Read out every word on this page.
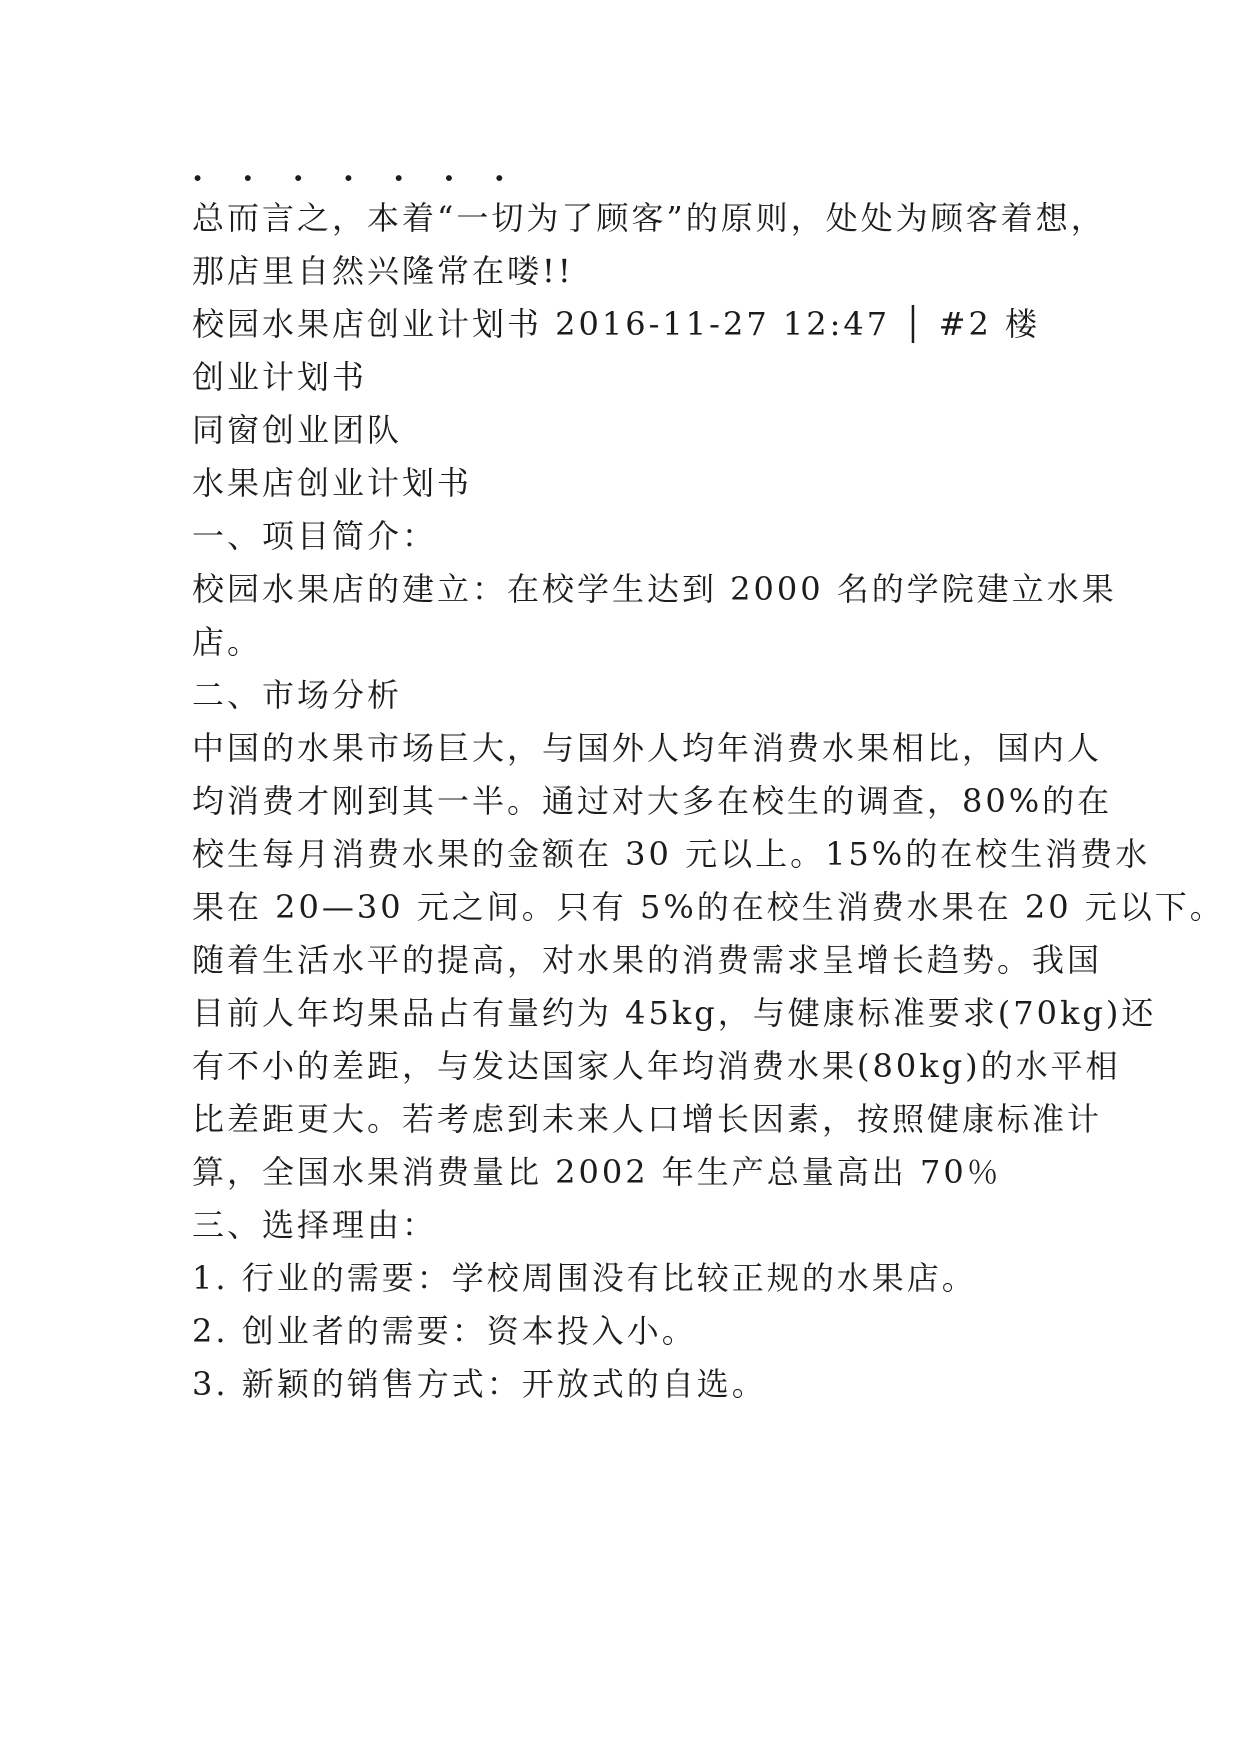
· · · · · · ·
总而言之，本着“一切为了顾客”的原则，处处为顾客着想，
那店里自然兴隆常在喽!!
校园水果店创业计划书 2016-11-27 12:47 │ #2 楼
创业计划书
同窗创业团队
水果店创业计划书
一、项目简介：
校园水果店的建立：在校学生达到 2000 名的学院建立水果
店。
二、市场分析
中国的水果市场巨大，与国外人均年消费水果相比，国内人
均消费才刚到其一半。通过对大多在校生的调查，80%的在
校生每月消费水果的金额在 30 元以上。15%的在校生消费水
果在 20—30 元之间。只有 5%的在校生消费水果在 20 元以下。
随着生活水平的提高，对水果的消费需求呈增长趋势。我国
目前人年均果品占有量约为 45kg，与健康标准要求(70kg)还
有不小的差距，与发达国家人年均消费水果(80kg)的水平相
比差距更大。若考虑到未来人口增长因素，按照健康标准计
算，全国水果消费量比 2002 年生产总量高出 70％
三、选择理由：
1. 行业的需要：学校周围没有比较正规的水果店。
2. 创业者的需要：资本投入小。
3. 新颖的销售方式：开放式的自选。
